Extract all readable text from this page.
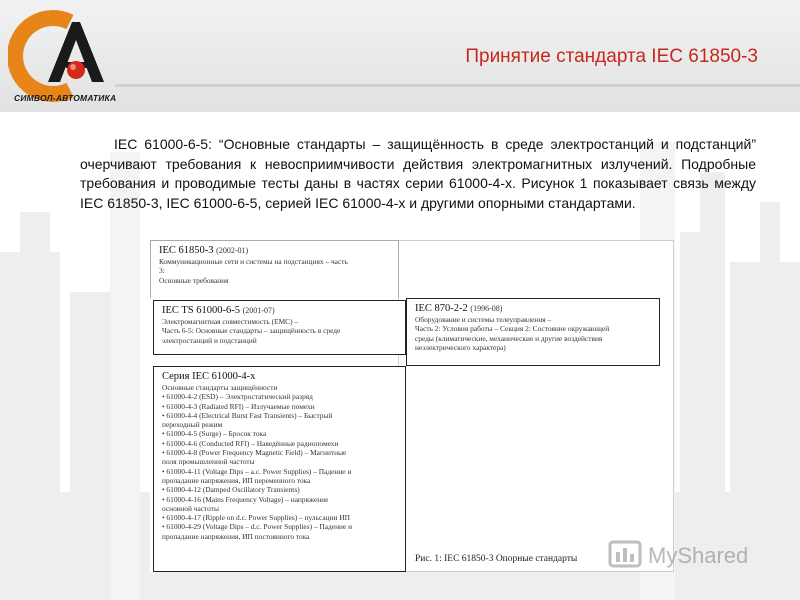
СИМВОЛ-АВТОМАТИКА
Принятие стандарта IEC 61850-3
IEC 61000-6-5: “Основные стандарты – защищённость в среде электростанций и подстанций” очерчивают требования к невосприимчивости действия электромагнитных излучений. Подробные требования и проводимые тесты даны в частях серии 61000-4-х. Рисунок 1 показывает связь между IEC 61850-3, IEC 61000-6-5, серией IEC 61000-4-x и другими опорными стандартами.
IEC 61850-3 (2002-01)
Коммуникационные сети и системы на подстанциях – часть
3:
Основные требования
IEC TS 61000-6-5 (2001-07)
Электромагнитная совместимость (EMC) –
Часть 6-5: Основные стандарты – защищённость в среде
электростанций и подстанций
IEC 870-2-2 (1996-08)
Оборудование и системы телеуправления –
Часть 2: Условия работы – Секция 2: Состояние окружающей
среды (климатические, механические и другие воздействия
неэлектрического характера)
Серия IEC 61000-4-x
Основные стандарты защищённости
• 61000-4-2 (ESD) – Электростатический разряд
• 61000-4-3 (Radiated RFI) – Излучаемые помехи
• 61000-4-4 (Electrical Burst Fast Transients) – Быстрый
переходный режим
• 61000-4-5 (Surge) – Бросок тока
• 61000-4-6 (Conducted RFI) – Наведённые радиопомехи
• 61000-4-8 (Power Frequency Magnetic Field) – Магнитные
поля промышленной частоты
• 61000-4-11 (Voltage Dips – a.c. Power Supplies) – Падение и
пропадание напряжения, ИП переменного тока
• 61000-4-12 (Damped Oscillatory Transients)
• 61000-4-16 (Mains Frequency Voltage) – напряжение
основной частоты
• 61000-4-17 (Ripple on d.c. Power Supplies) – пульсации ИП
• 61000-4-29 (Voltage Dips – d.c. Power Supplies) – Падение и
пропадание напряжения, ИП постоянного тока
Рис. 1: IEC 61850-3 Опорные стандарты	MyShared
